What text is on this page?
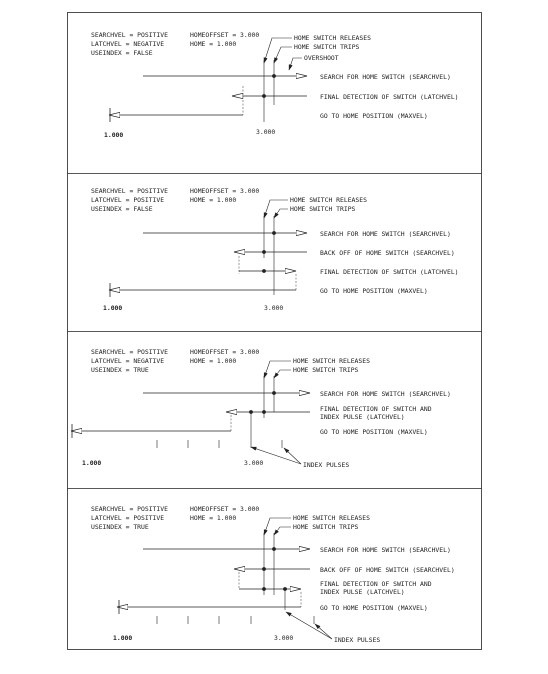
SEARCHVEL = POSITIVE
LATCHVEL = NEGATIVE
USEINDEX = FALSE
HOMEOFFSET = 3.000
HOME = 1.000
HOME SWITCH RELEASES
HOME SWITCH TRIPS
OVERSHOOT
SEARCH FOR HOME SWITCH (SEARCHVEL)
FINAL DETECTION OF SWITCH (LATCHVEL)
GO TO HOME POSITION (MAXVEL)
1.000	3.000
SEARCHVEL = POSITIVE
LATCHVEL = POSITIVE
USEINDEX = FALSE
HOMEOFFSET = 3.000
HOME = 1.000	HOME SWITCH RELEASES
HOME SWITCH TRIPS
SEARCH FOR HOME SWITCH (SEARCHVEL)
BACK OFF OF HOME SWITCH (SEARCHVEL)
FINAL DETECTION OF SWITCH (LATCHVEL)
GO TO HOME POSITION (MAXVEL)
1.000	3.000
SEARCHVEL = POSITIVE
LATCHVEL = NEGATIVE
USEINDEX = TRUE
HOMEOFFSET = 3.000
HOME = 1.000	HOME SWITCH RELEASES
HOME SWITCH TRIPS
SEARCH FOR HOME SWITCH (SEARCHVEL)
FINAL DETECTION OF SWITCH AND
INDEX PULSE (LATCHVEL)
GO TO HOME POSITION (MAXVEL)
INDEX PULSES
1.000	3.000
SEARCHVEL = POSITIVE
LATCHVEL = POSITIVE
USEINDEX = TRUE
HOMEOFFSET = 3.000
HOME = 1.000	HOME SWITCH RELEASES
HOME SWITCH TRIPS
SEARCH FOR HOME SWITCH (SEARCHVEL)
BACK OFF OF HOME SWITCH (SEARCHVEL)
FINAL DETECTION OF SWITCH AND
INDEX PULSE (LATCHVEL)
GO TO HOME POSITION (MAXVEL)
INDEX PULSES
1.000	3.000
